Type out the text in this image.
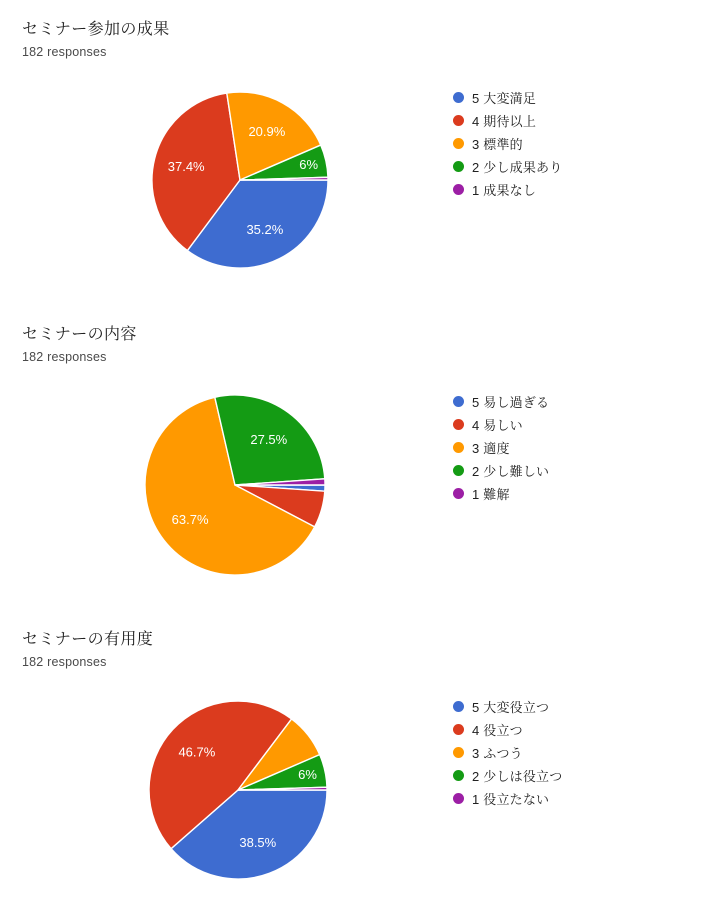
セミナー参加の成果
182 responses
35.2%
37.4%
20.9%
6%
5 大変満足
4 期待以上
3 標準的
2 少し成果あり
1 成果なし
セミナーの内容
182 responses
63.7%
27.5%
5 易し過ぎる
4 易しい
3 適度
2 少し難しい
1 難解
セミナーの有用度
182 responses
38.5%
46.7%
6%
5 大変役立つ
4 役立つ
3 ふつう
2 少しは役立つ
1 役立たない
